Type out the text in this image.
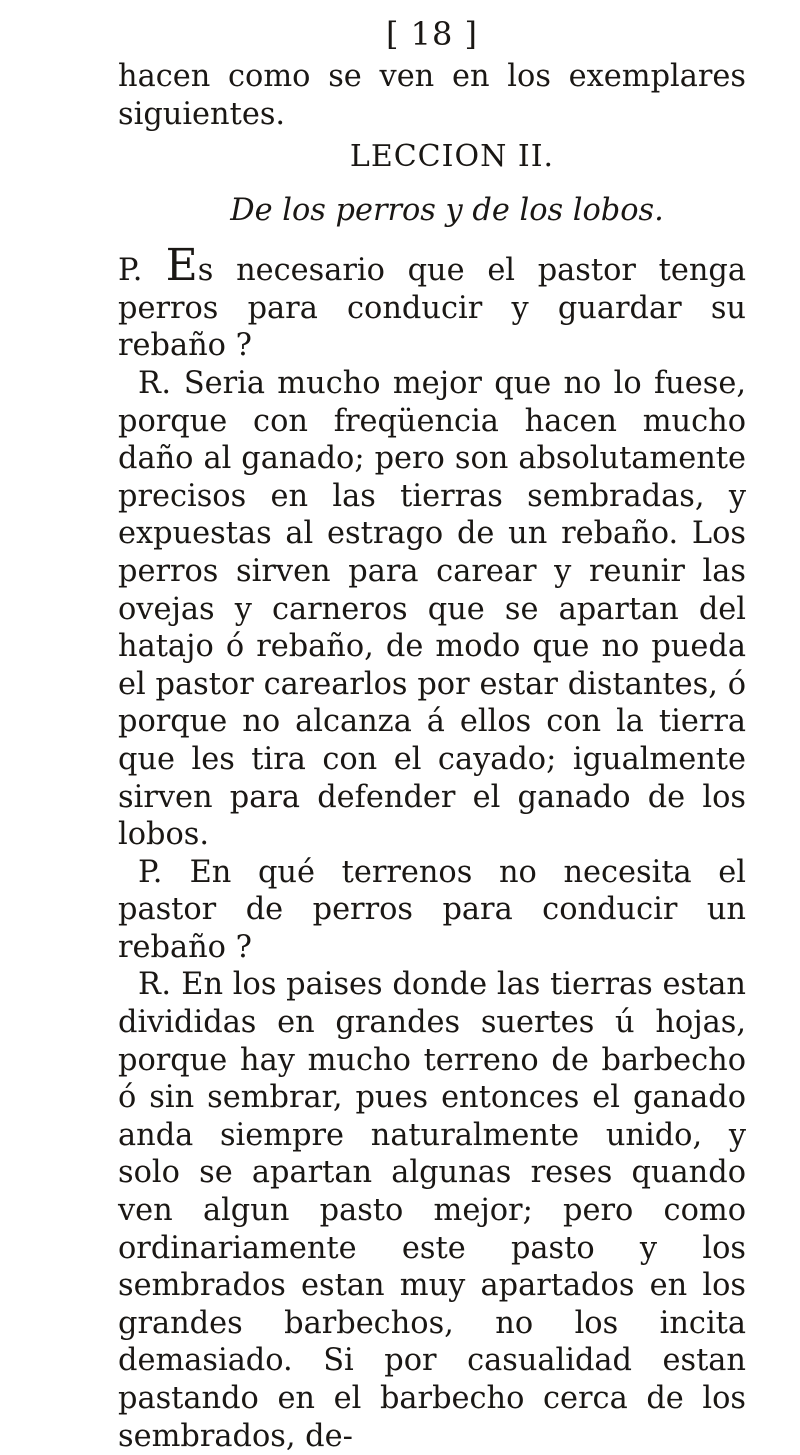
[ 18 ]

hacen como se ven en los exemplares siguientes.

LECCION II.
De los perros y de los lobos.

P. Es necesario que el pastor tenga perros para conducir y guardar su rebaño ?

R. Seria mucho mejor que no lo fuese, porque con freqüencia hacen mucho daño al ganado; pero son absolutamente precisos en las tierras sembradas, y expuestas al estrago de un rebaño. Los perros sirven para carear y reunir las ovejas y carneros que se apartan del hatajo ó rebaño, de modo que no pueda el pastor carearlos por estar distantes, ó porque no alcanza á ellos con la tierra que les tira con el cayado; igualmente sirven para defender el ganado de los lobos.

P. En qué terrenos no necesita el pastor de perros para conducir un rebaño ?

R. En los paises donde las tierras estan divididas en grandes suertes ú hojas, porque hay mucho terreno de barbecho ó sin sembrar, pues entonces el ganado anda siempre naturalmente unido, y solo se apartan algunas reses quando ven algun pasto mejor; pero como ordinariamente este pasto y los sembrados estan muy apartados en los grandes barbechos, no los incita demasiado. Si por casualidad estan pastando en el barbecho cerca de los sembrados, de-
